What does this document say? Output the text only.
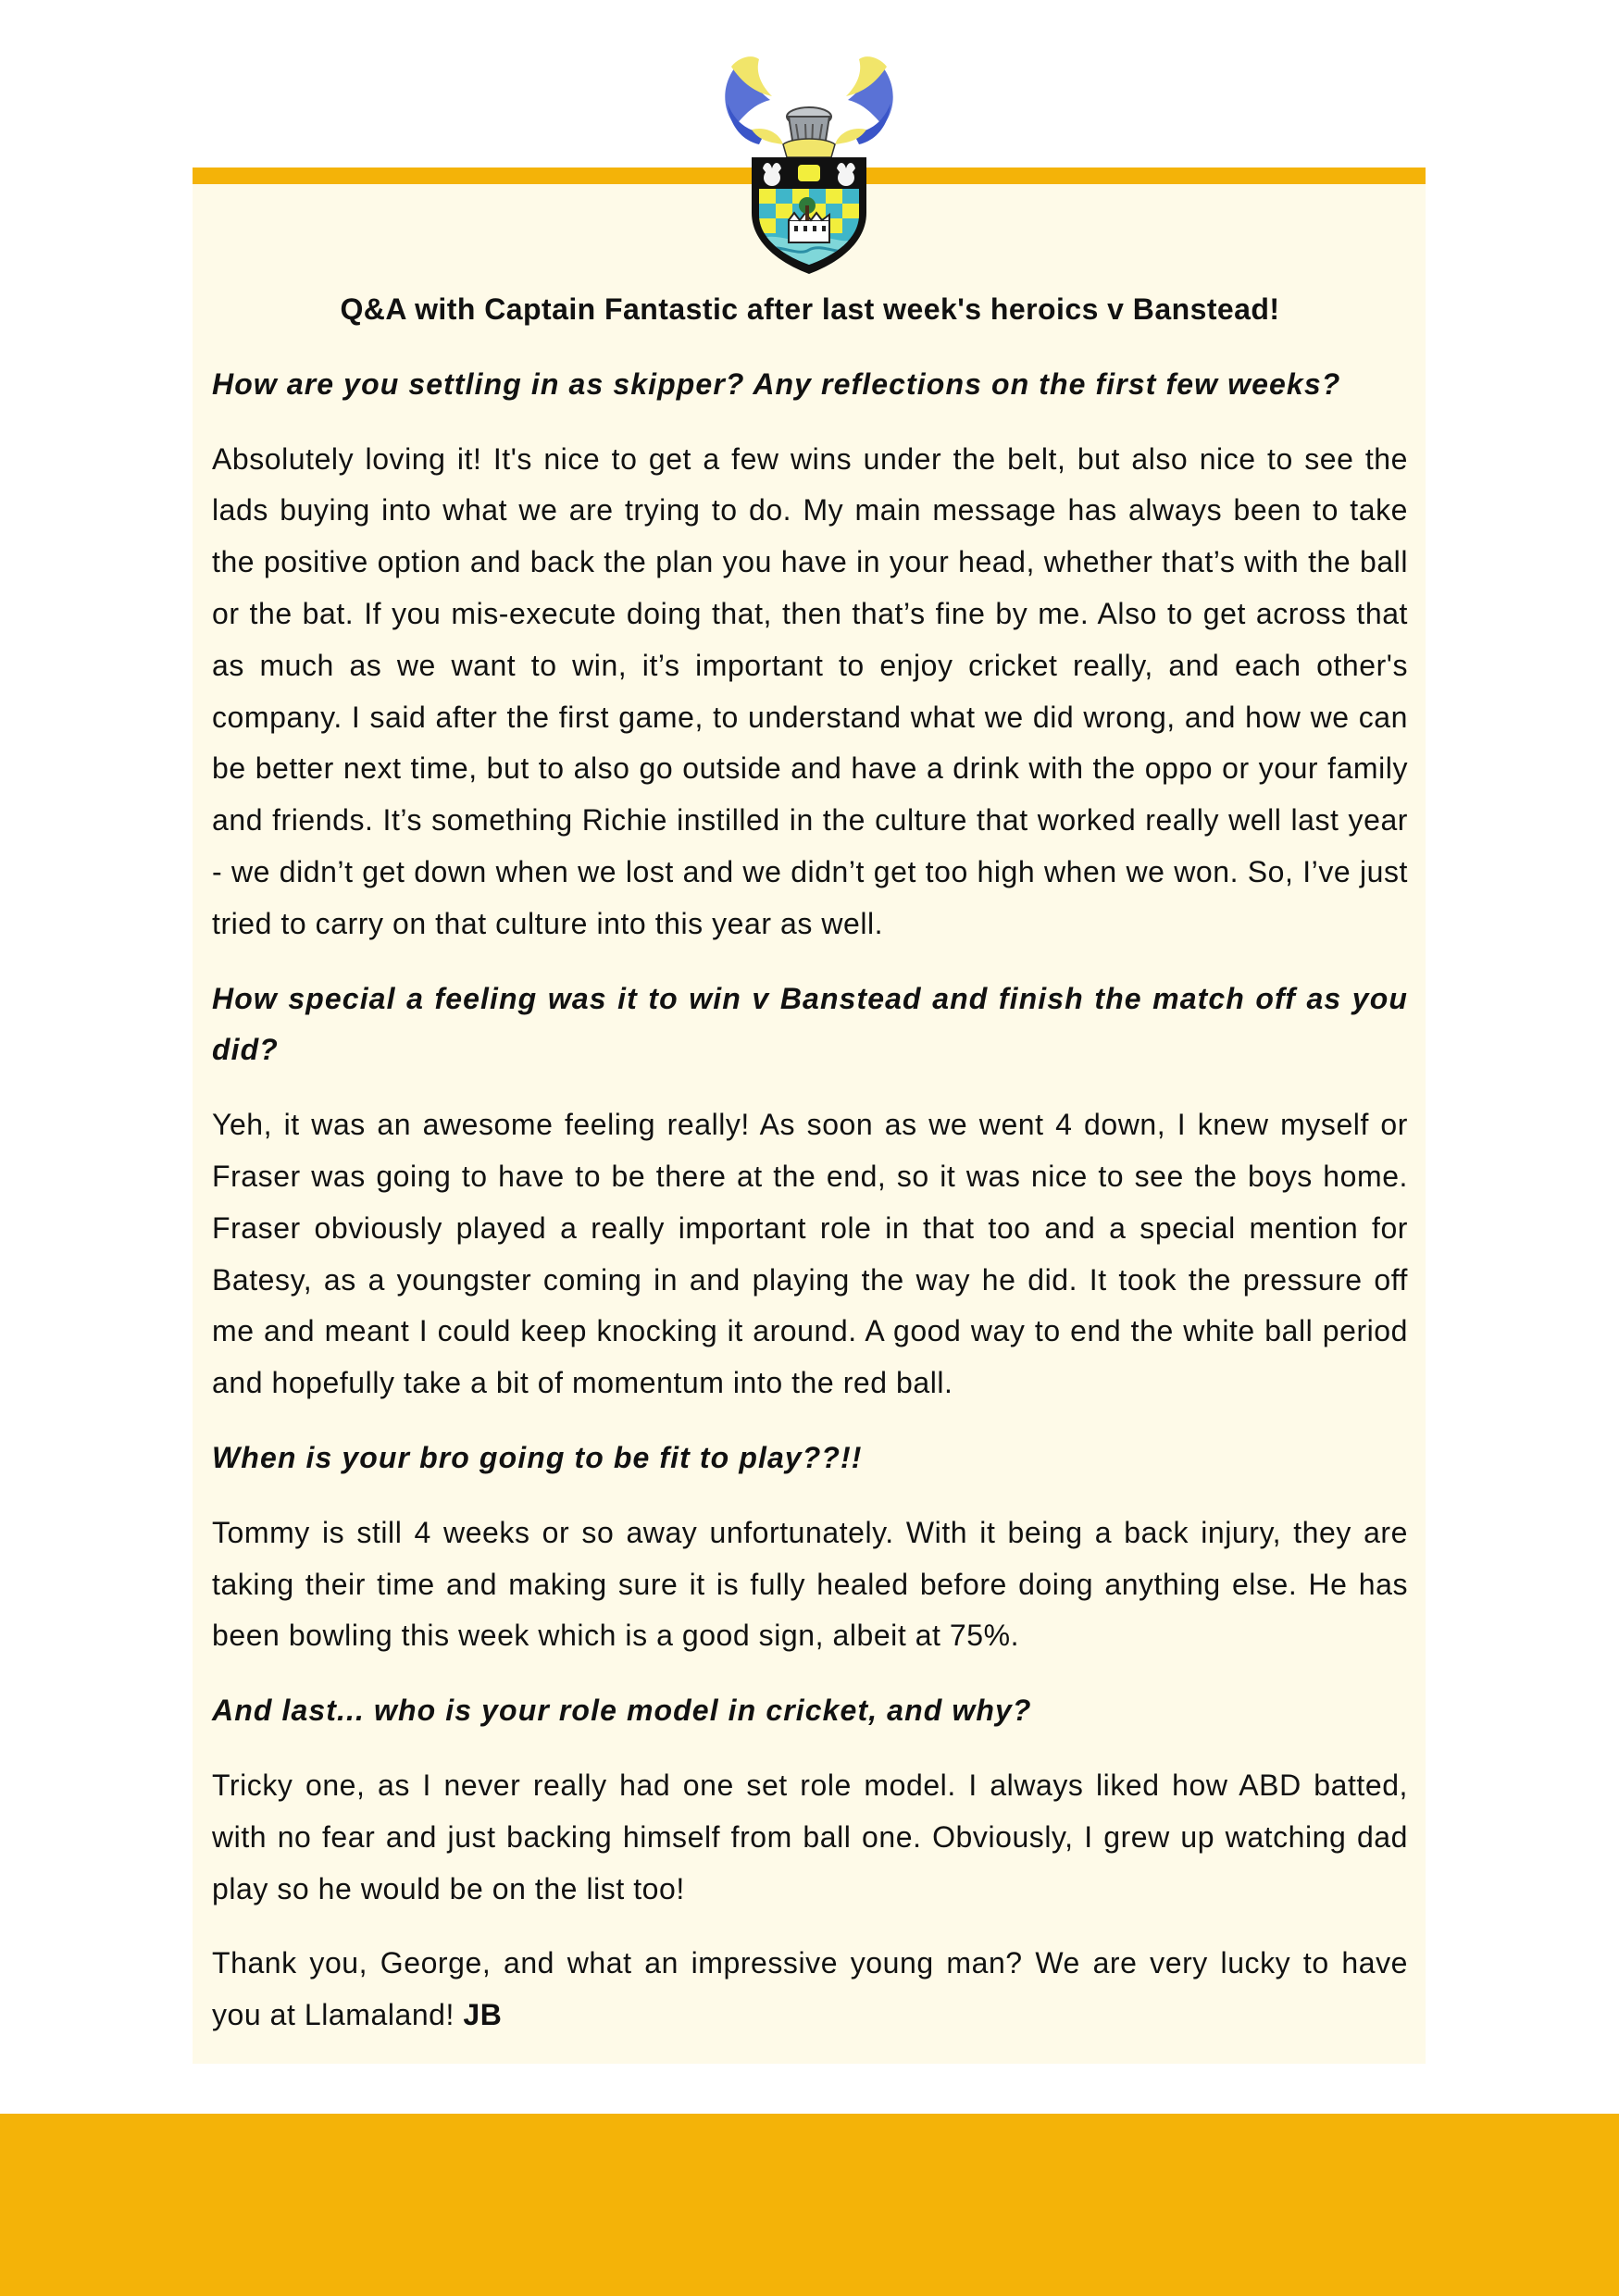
Q&A with Captain Fantastic after last week's heroics v Banstead!

How are you settling in as skipper? Any reflections on the first few weeks?

Absolutely loving it! It's nice to get a few wins under the belt, but also nice to see the lads buying into what we are trying to do. My main message has always been to take the positive option and back the plan you have in your head, whether that’s with the ball or the bat. If you mis-execute doing that, then that’s fine by me. Also to get across that as much as we want to win, it’s important to enjoy cricket really, and each other's company. I said after the first game, to understand what we did wrong, and how we can be better next time, but to also go outside and have a drink with the oppo or your family and friends. It’s something Richie instilled in the culture that worked really well last year - we didn’t get down when we lost and we didn’t get too high when we won. So, I’ve just tried to carry on that culture into this year as well.

How special a feeling was it to win v Banstead and finish the match off as you did?

Yeh, it was an awesome feeling really! As soon as we went 4 down, I knew myself or Fraser was going to have to be there at the end, so it was nice to see the boys home. Fraser obviously played a really important role in that too and a special mention for Batesy, as a youngster coming in and playing the way he did. It took the pressure off me and meant I could keep knocking it around. A good way to end the white ball period and hopefully take a bit of momentum into the red ball.

When is your bro going to be fit to play??!!

Tommy is still 4 weeks or so away unfortunately. With it being a back injury, they are taking their time and making sure it is fully healed before doing anything else. He has been bowling this week which is a good sign, albeit at 75%.

And last... who is your role model in cricket, and why?

Tricky one, as I never really had one set role model. I always liked how ABD batted, with no fear and just backing himself from ball one. Obviously, I grew up watching dad play so he would be on the list too!

Thank you, George, and what an impressive young man? We are very lucky to have you at Llamaland! JB
